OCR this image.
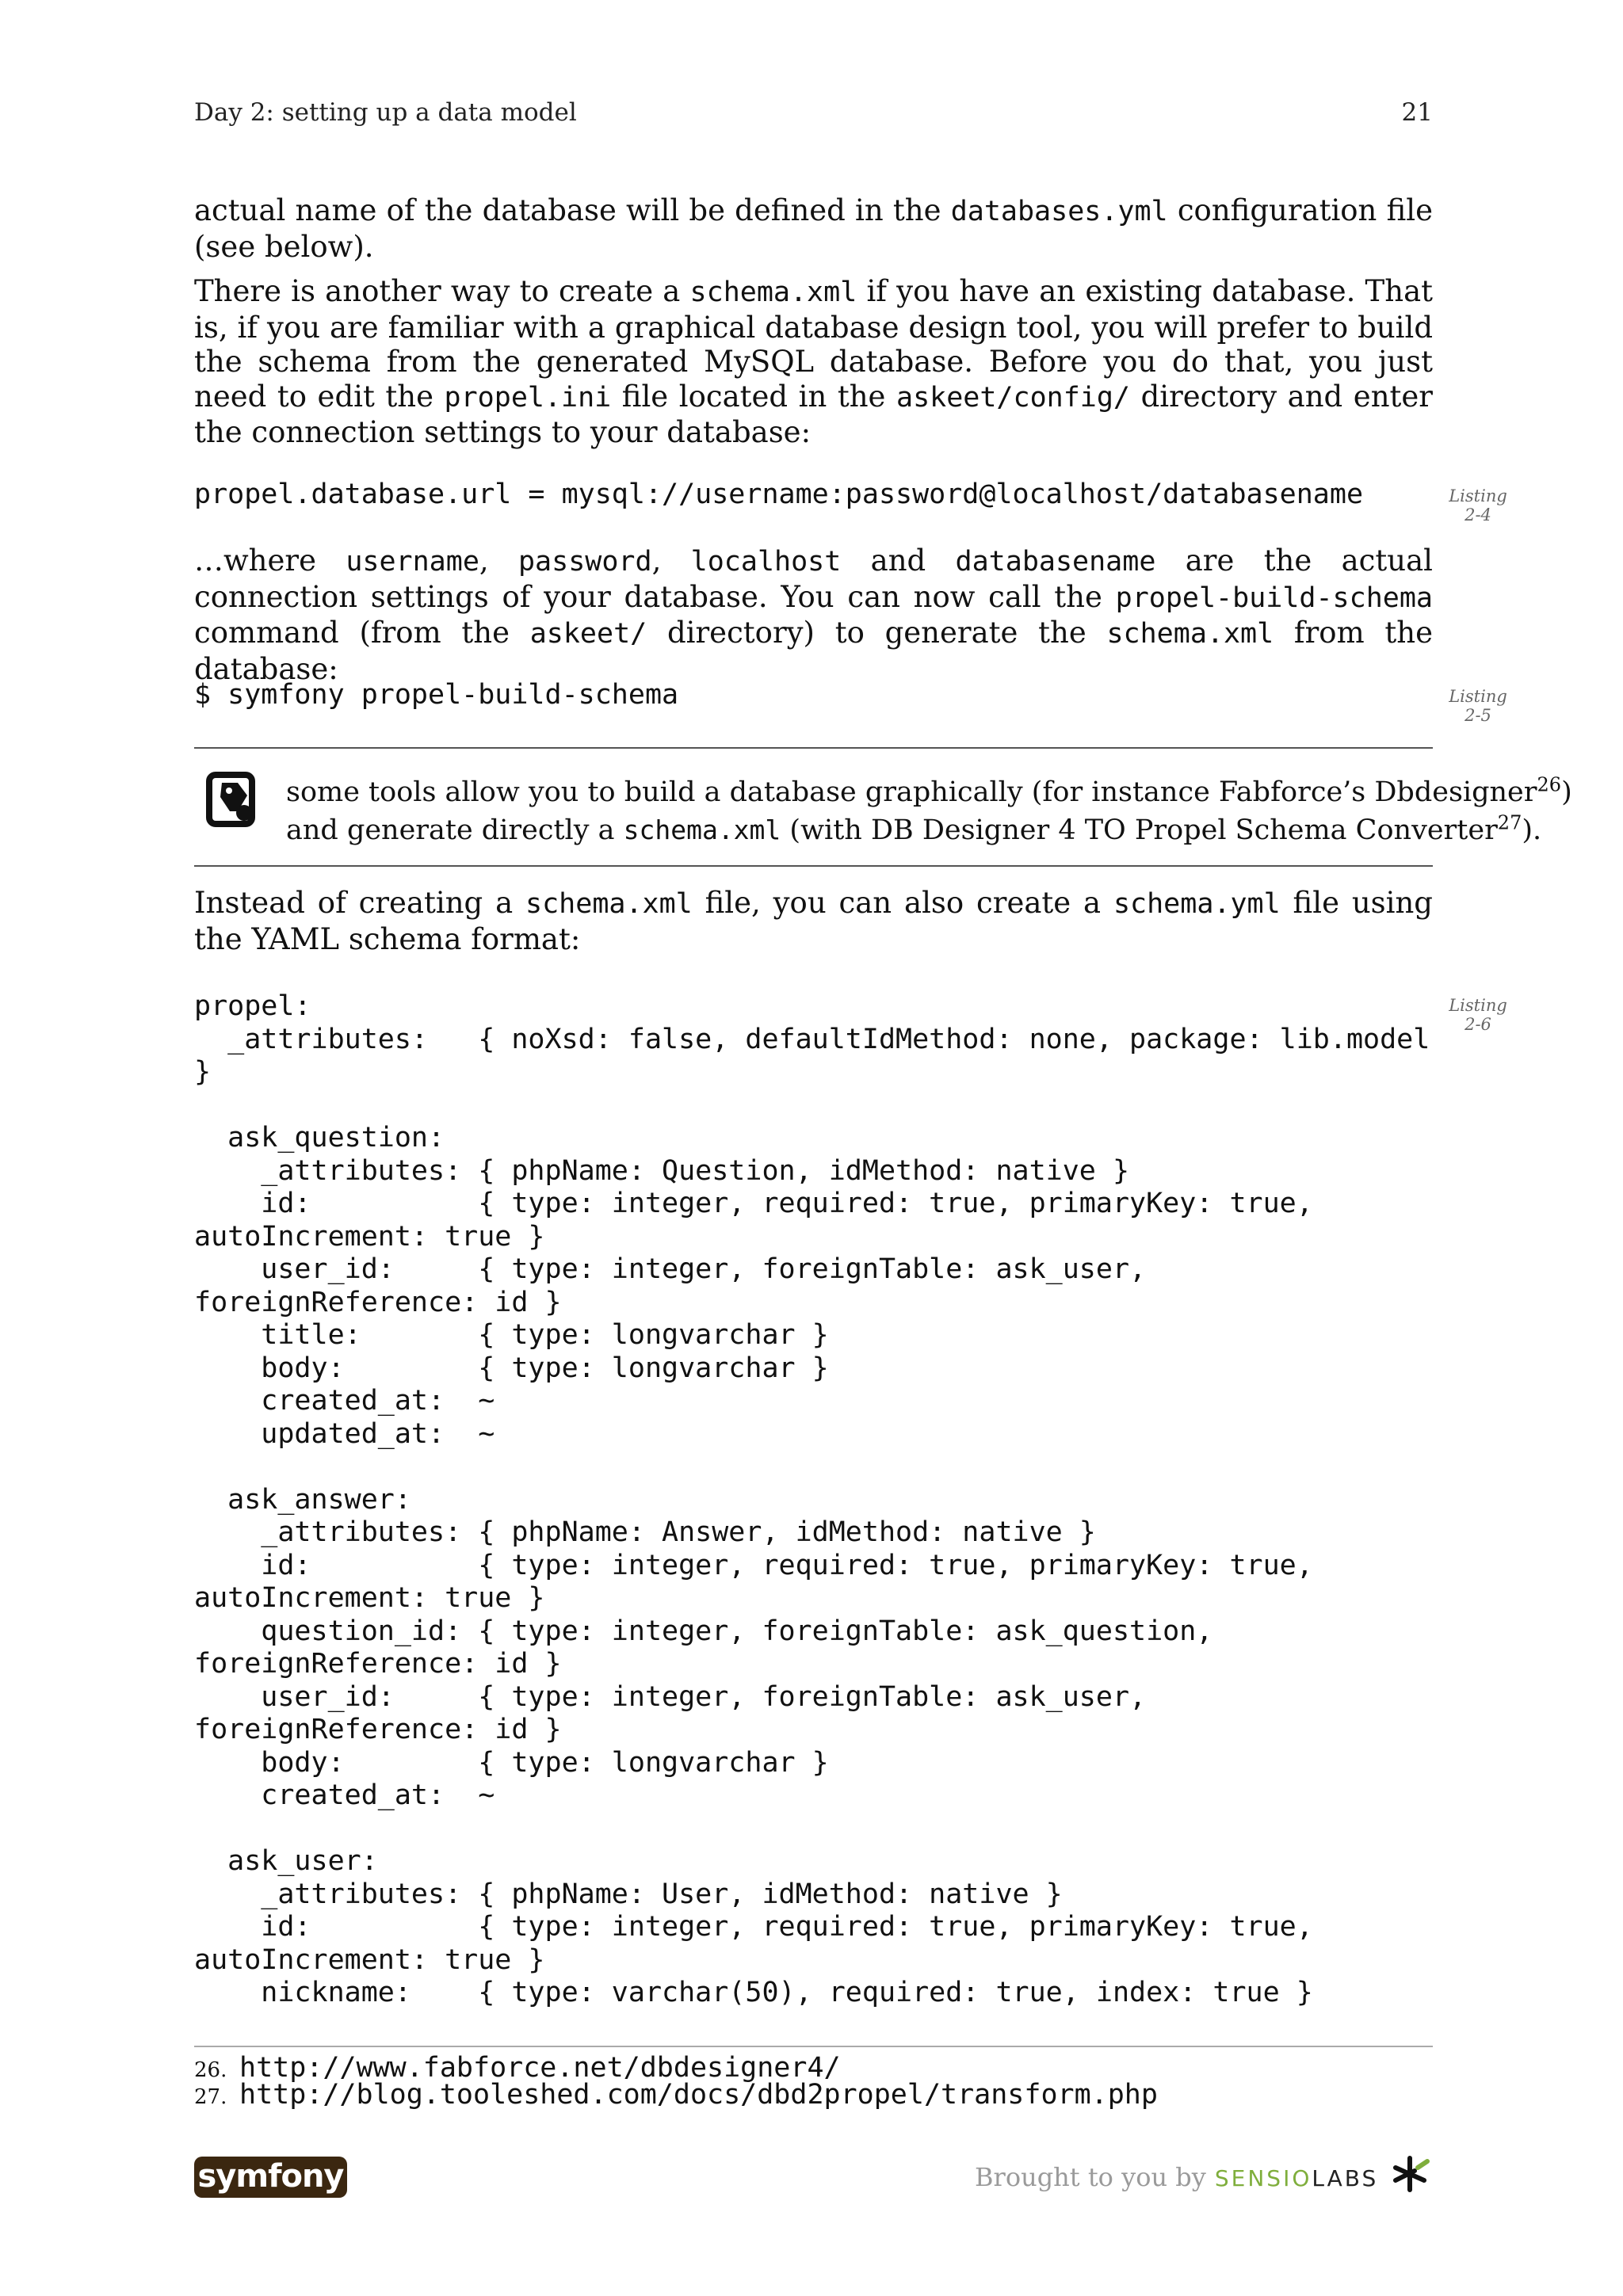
Day 2: setting up a data model	21

actual name of the database will be defined in the databases.yml configuration file (see below).

There is another way to create a schema.xml if you have an existing database. That is, if you are familiar with a graphical database design tool, you will prefer to build the schema from the generated MySQL database. Before you do that, you just need to edit the propel.ini file located in the askeet/config/ directory and enter the connection settings to your database:

propel.database.url = mysql://username:password@localhost/databasename	Listing
2-4

…where username, password, localhost and databasename are the actual connection settings of your database. You can now call the propel-build-schema command (from the askeet/ directory) to generate the schema.xml from the database:

$ symfony propel-build-schema	Listing
2-5
some tools allow you to build a database graphically (for instance Fabforce’s Dbdesigner$^{26}$)
and generate directly a schema.xml (with DB Designer 4 TO Propel Schema Converter$^{27}$).

Instead of creating a schema.xml file, you can also create a schema.yml file using the YAML schema format:

propel:
_attributes:   { noXsd: false, defaultIdMethod: none, package: lib.model
}

ask_question:
_attributes: { phpName: Question, idMethod: native }
id:          { type: integer, required: true, primaryKey: true,
autoIncrement: true }
user_id:     { type: integer, foreignTable: ask_user,
foreignReference: id }
title:       { type: longvarchar }
body:        { type: longvarchar }
created_at:  ~
updated_at:  ~

ask_answer:
_attributes: { phpName: Answer, idMethod: native }
id:          { type: integer, required: true, primaryKey: true,
autoIncrement: true }
question_id: { type: integer, foreignTable: ask_question,
foreignReference: id }
user_id:     { type: integer, foreignTable: ask_user,
foreignReference: id }
body:        { type: longvarchar }
created_at:  ~

ask_user:
_attributes: { phpName: User, idMethod: native }
id:          { type: integer, required: true, primaryKey: true,
autoIncrement: true }
nickname:    { type: varchar(50), required: true, index: true }
Listing
2-6
26. http://www.fabforce.net/dbdesigner4/
27. http://blog.tooleshed.com/docs/dbd2propel/transform.php
symfony	Brought to you by SENSIOLABS
